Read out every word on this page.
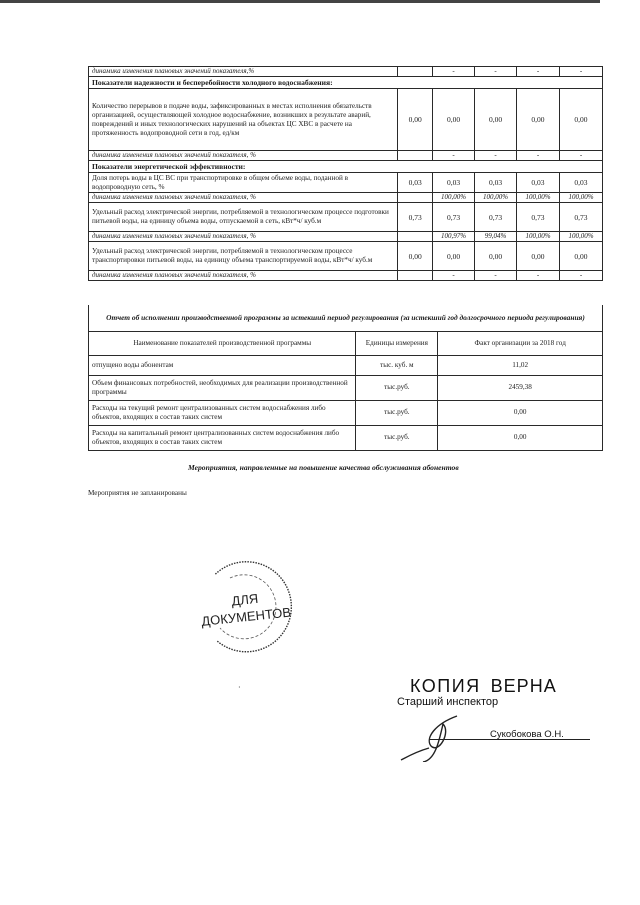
динамика изменения плановых значений показателя,%		-	-	-	-
Показатели надежности и бесперебойности холодного водоснабжения:					
Количество перерывов в подаче воды, зафиксированных в местах исполнения обязательств организацией, осуществляющей холодное водоснабжение, возникших в результате аварий, повреждений и иных технологических нарушений на объектах ЦС ХВС в расчете на протяженность водопроводной сети в год, ед/км	0,00	0,00	0,00	0,00	0,00
динамика изменения плановых значений показателя, %		-	-	-	-
Показатели энергетической эффективности:					
Доля потерь воды в ЦС ВС при транспортировке в общем объеме воды, поданной в водопроводную сеть, %	0,03	0,03	0,03	0,03	0,03
динамика изменения плановых значений показателя, %		100,00%	100,00%	100,00%	100,00%
Удельный расход электрической энергии, потребляемой в технологическом процессе подготовки питьевой воды, на единицу объема воды, отпускаемой в сеть, кВт*ч/ куб.м	0,73	0,73	0,73	0,73	0,73
динамика изменения плановых значений показателя, %		100,97%	99,04%	100,00%	100,00%
Удельный расход электрической энергии, потребляемой в технологическом процессе транспортировки питьевой воды, на единицу объема транспортируемой воды, кВт*ч/ куб.м	0,00	0,00	0,00	0,00	0,00
динамика изменения плановых значений показателя, %		-	-	-	-
Отчет об исполнении производственной программы за истекший период регулирования (за истекший год долгосрочного периода регулирования)		
Наименование показателей производственной программы	Единицы измерения	Факт организации за 2018 год
отпущено воды абонентам	тыс. куб. м	11,02
Объем финансовых потребностей, необходимых для реализации производственной программы	тыс.руб.	2459,38
Расходы на текущий ремонт централизованных систем водоснабжения либо объектов, входящих в состав таких систем	тыс.руб.	0,00
Расходы на капитальный ремонт централизованных систем водоснабжения либо объектов, входящих в состав таких систем	тыс.руб.	0,00
Мероприятия, направленные на повышение качества обслуживания абонентов
Мероприятия не запланированы
ДЛЯ
ДОКУМЕНТОВ
·	КОПИЯ ВЕРНА
Старший инспектор
Сукобокова О.Н.
